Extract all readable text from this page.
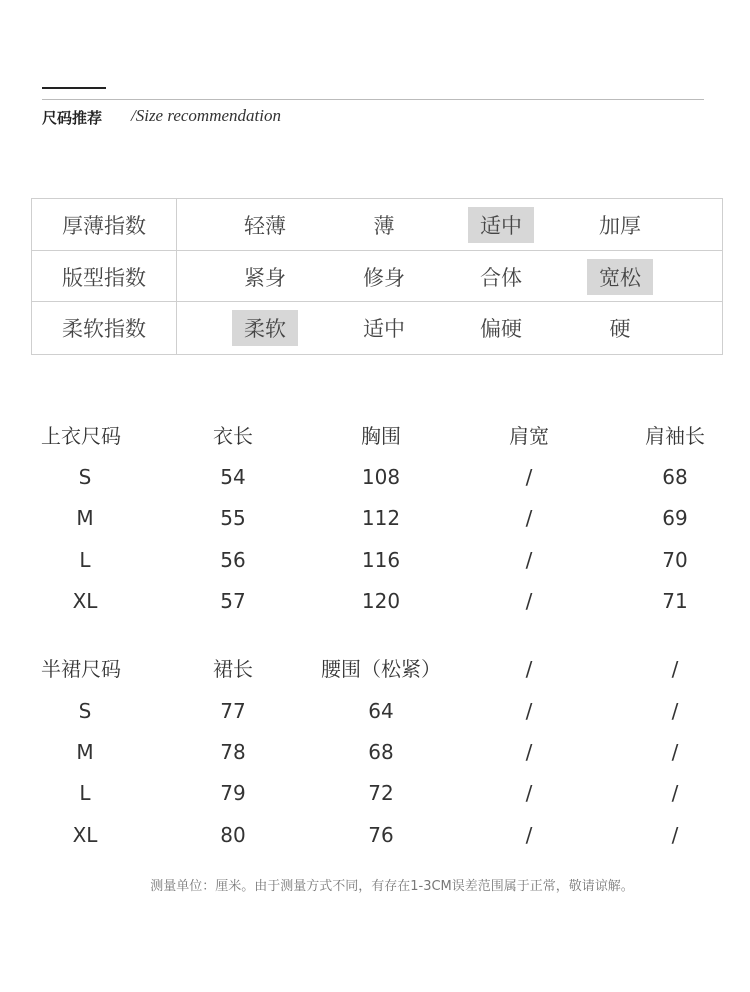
尺码推荐 /Size recommendation
厚薄指数	轻薄	薄	适中	加厚
版型指数	紧身	修身	合体	宽松
柔软指数	柔软	适中	偏硬	硬
上衣尺码	衣长	胸围	肩宽	肩袖长
S	54	108	/	68
M	55	112	/	69
L	56	116	/	70
XL	57	120	/	71
半裙尺码	裙长	腰围（松紧）	/	/
S	77	64	/	/
M	78	68	/	/
L	79	72	/	/
XL	80	76	/	/
测量单位：厘米。由于测量方式不同，有存在1-3CM误差范围属于正常，敬请谅解。
